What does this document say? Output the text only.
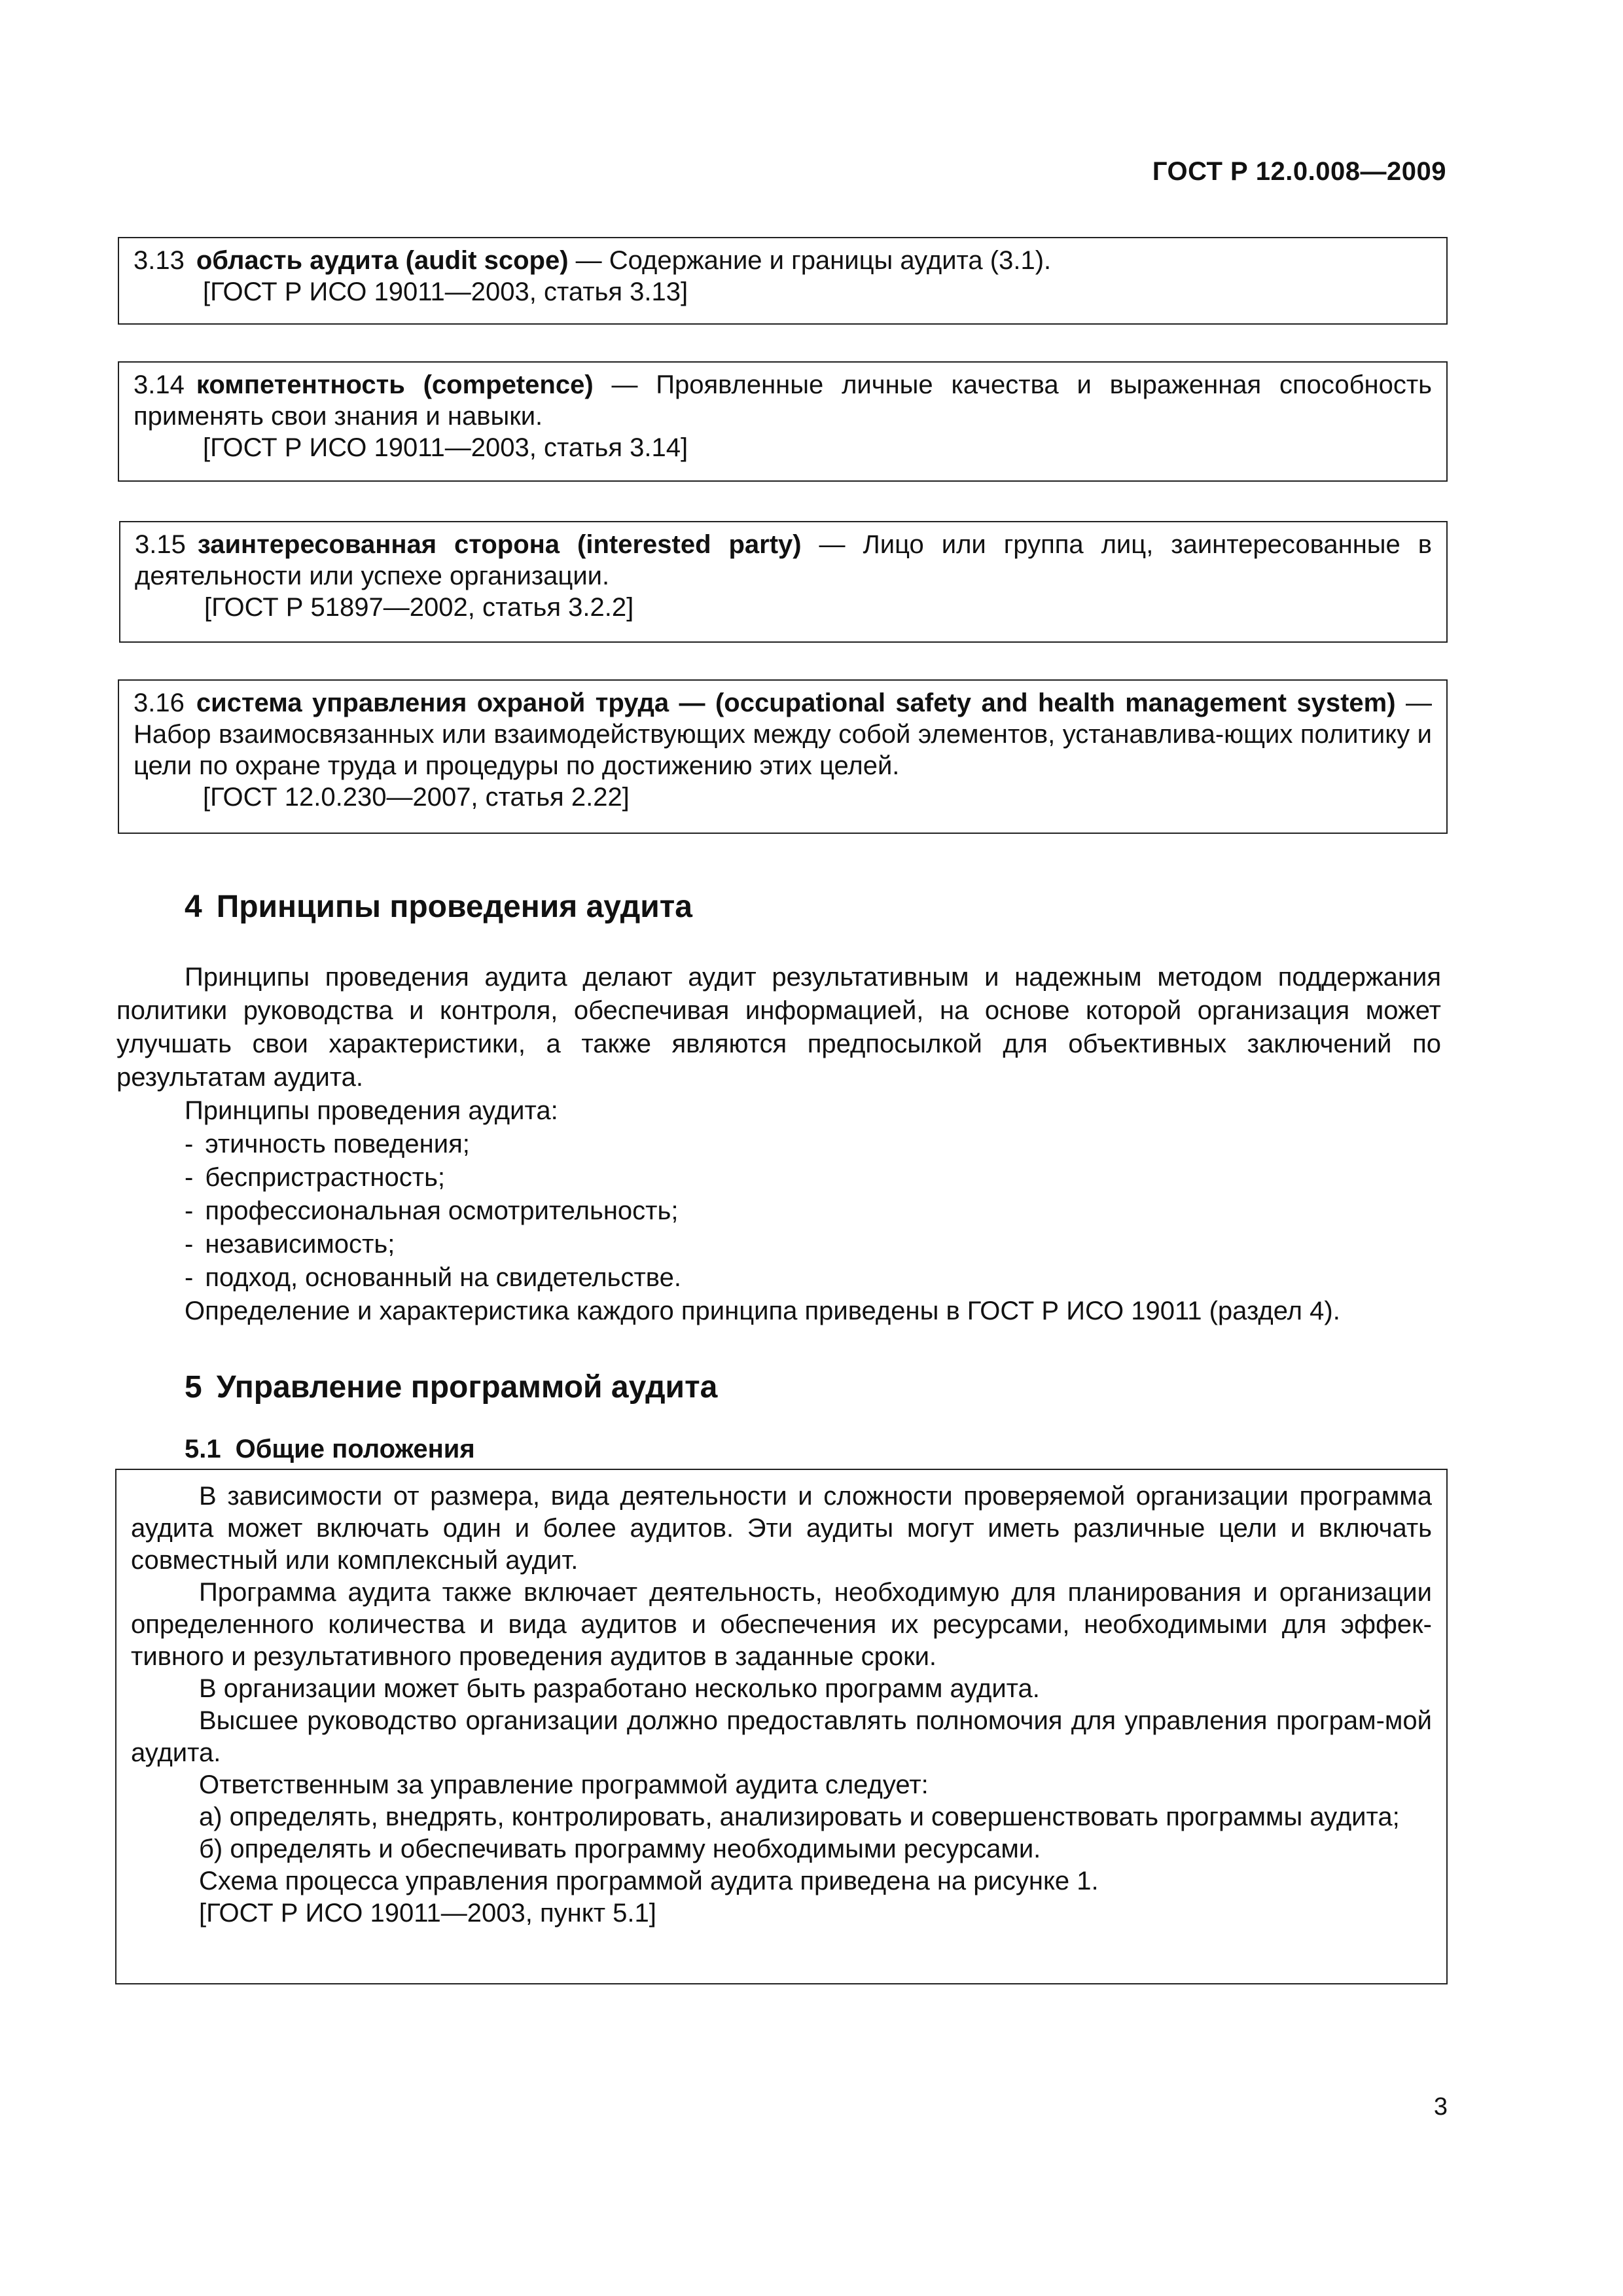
ГОСТ Р 12.0.008—2009

3.13 область аудита (audit scope) — Содержание и границы аудита (3.1).

[ГОСТ Р ИСО 19011—2003, статья 3.13]

3.14 компетентность (competence) — Проявленные личные качества и выраженная способность применять свои знания и навыки.

[ГОСТ Р ИСО 19011—2003, статья 3.14]

3.15 заинтересованная сторона (interested party) — Лицо или группа лиц, заинтересованные в деятельности или успехе организации.

[ГОСТ Р 51897—2002, статья 3.2.2]

3.16 система управления охраной труда — (occupational safety and health management system) — Набор взаимосвязанных или взаимодействующих между собой элементов, устанавлива-ющих политику и цели по охране труда и процедуры по достижению этих целей.

[ГОСТ 12.0.230—2007, статья 2.22]
4 Принципы проведения аудита

Принципы проведения аудита делают аудит результативным и надежным методом поддержания политики руководства и контроля, обеспечивая информацией, на основе которой организация может улучшать свои характеристики, а также являются предпосылкой для объективных заключений по результатам аудита.

Принципы проведения аудита:

- этичность поведения;

- беспристрастность;

- профессиональная осмотрительность;

- независимость;

- подход, основанный на свидетельстве.

Определение и характеристика каждого принципа приведены в ГОСТ Р ИСО 19011 (раздел 4).

5 Управление программой аудита
5.1 Общие положения

В зависимости от размера, вида деятельности и сложности проверяемой организации программа аудита может включать один и более аудитов. Эти аудиты могут иметь различные цели и включать совместный или комплексный аудит.

Программа аудита также включает деятельность, необходимую для планирования и организации определенного количества и вида аудитов и обеспечения их ресурсами, необходимыми для эффек-тивного и результативного проведения аудитов в заданные сроки.

В организации может быть разработано несколько программ аудита.

Высшее руководство организации должно предоставлять полномочия для управления програм-мой аудита.

Ответственным за управление программой аудита следует:

а) определять, внедрять, контролировать, анализировать и совершенствовать программы аудита;

б) определять и обеспечивать программу необходимыми ресурсами.

Схема процесса управления программой аудита приведена на рисунке 1.

[ГОСТ Р ИСО 19011—2003, пункт 5.1]

3
